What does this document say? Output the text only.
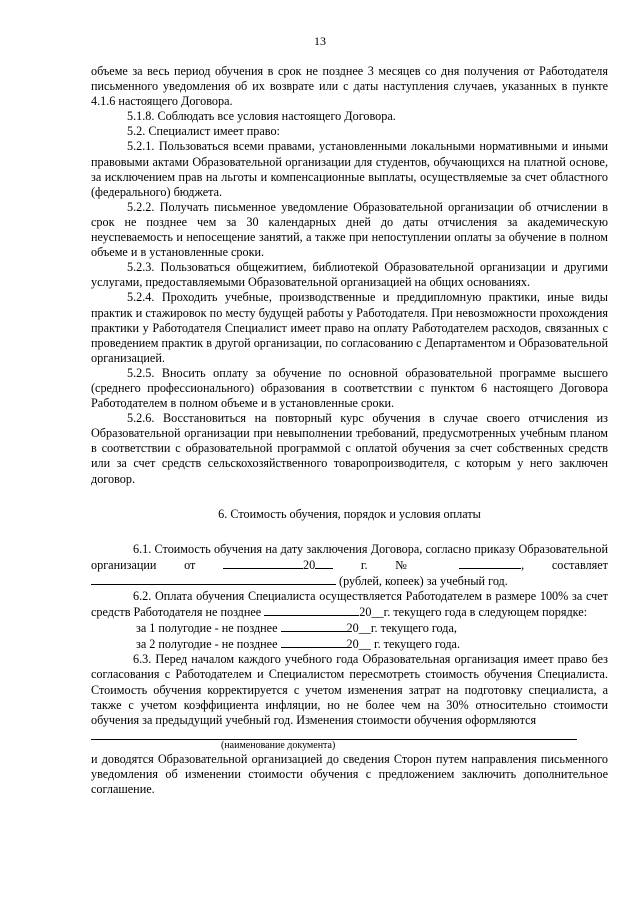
13

объеме за весь период обучения в срок не позднее 3 месяцев со дня получения от Работодателя письменного уведомления об их возврате или с даты наступления случаев, указанных в пункте 4.1.6 настоящего Договора.

5.1.8. Соблюдать все условия настоящего Договора.

5.2. Специалист имеет право:

5.2.1. Пользоваться всеми правами, установленными локальными нормативными и иными правовыми актами Образовательной организации для студентов, обучающихся на платной основе, за исключением прав на льготы и компенсационные выплаты, осуществляемые за счет областного (федерального) бюджета.

5.2.2. Получать письменное уведомление Образовательной организации об отчислении в срок не позднее чем за 30 календарных дней до даты отчисления за академическую неуспеваемость и непосещение занятий, а также при непоступлении оплаты за обучение в полном объеме и в установленные сроки.

5.2.3. Пользоваться общежитием, библиотекой Образовательной организации и другими услугами, предоставляемыми Образовательной организацией на общих основаниях.

5.2.4. Проходить учебные, производственные и преддипломную практики, иные виды практик и стажировок по месту будущей работы у Работодателя. При невозможности прохождения практики у Работодателя Специалист имеет право на оплату Работодателем расходов, связанных с проведением практик в другой организации, по согласованию с Департаментом и Образовательной организацией.

5.2.5. Вносить оплату за обучение по основной образовательной программе высшего (среднего профессионального) образования в соответствии с пунктом 6 настоящего Договора Работодателем в полном объеме и в установленные сроки.

5.2.6. Восстановиться на повторный курс обучения в случае своего отчисления из Образовательной организации при невыполнении требований, предусмотренных учебным планом в соответствии с образовательной программой с оплатой обучения за счет собственных средств или за счет средств сельскохозяйственного товаропроизводителя, с которым у него заключен договор.

6. Стоимость обучения, порядок и условия оплаты

6.1. Стоимость обучения на дату заключения Договора, согласно приказу Образовательной организации от	20	г. №	, составляет  (рублей, копеек) за учебный год.

6.2. Оплата обучения Специалиста осуществляется Работодателем в размере 100% за счет средств Работодателя не позднее	20__г. текущего года в следующем порядке:

за 1 полугодие - не позднее	20__г. текущего года,

за 2 полугодие - не позднее	20__ г. текущего года.

6.3. Перед началом каждого учебного года Образовательная организация имеет право без согласования с Работодателем и Специалистом пересмотреть стоимость обучения Специалиста. Стоимость обучения корректируется с учетом изменения затрат на подготовку специалиста, а также с учетом коэффициента инфляции, но не более чем на 30% относительно стоимости обучения за предыдущий учебный год. Изменения стоимости обучения оформляются

(наименование документа)

и доводятся Образовательной организацией до сведения Сторон путем направления письменного уведомления об изменении стоимости обучения с предложением заключить дополнительное соглашение.
